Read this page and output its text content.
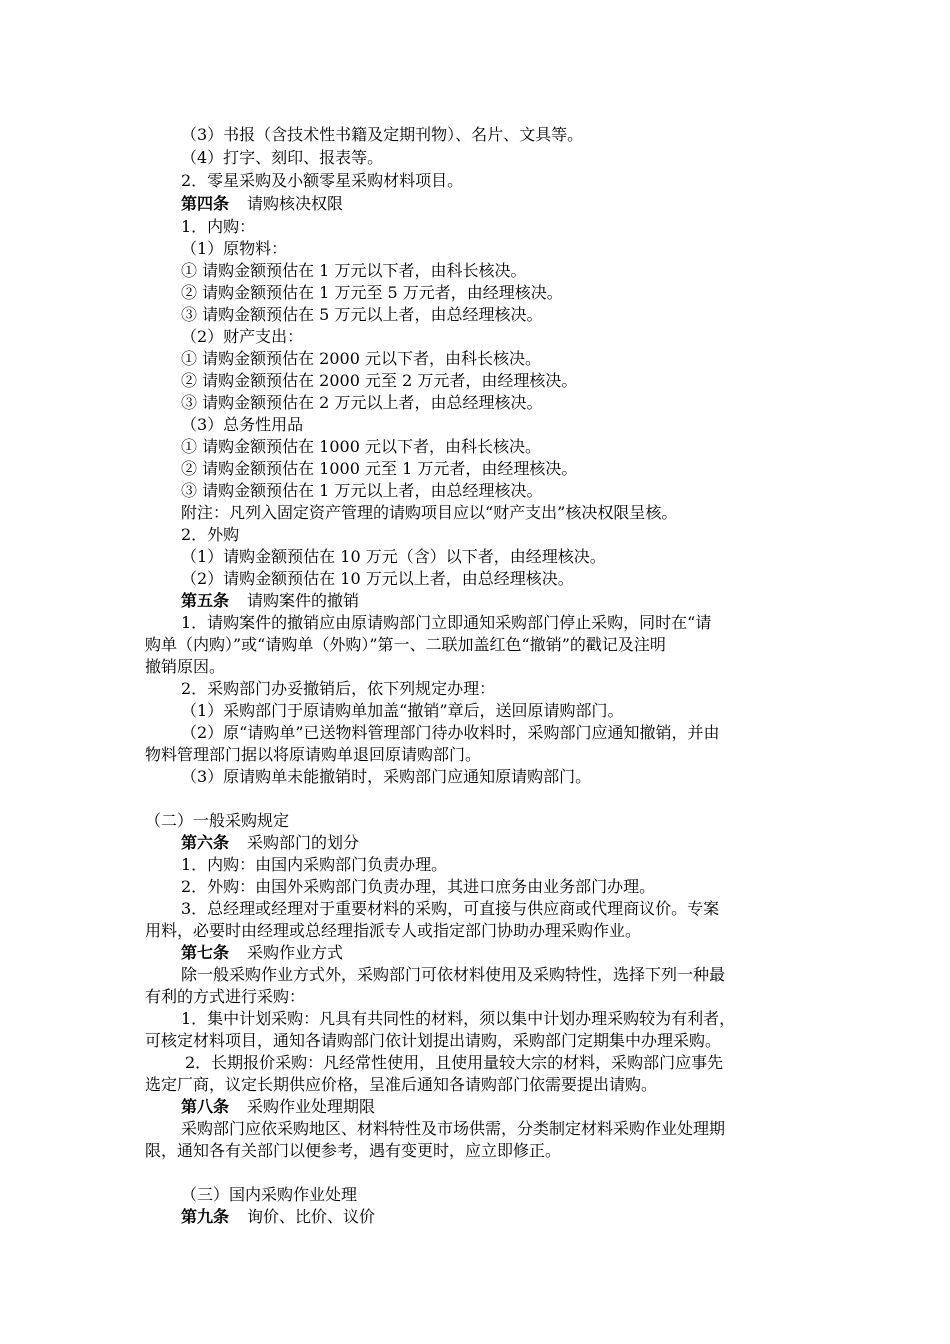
（3）书报（含技术性书籍及定期刊物）、名片、文具等。
（4）打字、刻印、报表等。
2．零星采购及小额零星采购材料项目。
第四条 请购核决权限
1．内购：
（1）原物料：
① 请购金额预估在 1 万元以下者，由科长核决。
② 请购金额预估在 1 万元至 5 万元者，由经理核决。
③ 请购金额预估在 5 万元以上者，由总经理核决。
（2）财产支出：
① 请购金额预估在 2000 元以下者，由科长核决。
② 请购金额预估在 2000 元至 2 万元者，由经理核决。
③ 请购金额预估在 2 万元以上者，由总经理核决。
（3）总务性用品
① 请购金额预估在 1000 元以下者，由科长核决。
② 请购金额预估在 1000 元至 1 万元者，由经理核决。
③ 请购金额预估在 1 万元以上者，由总经理核决。
附注：凡列入固定资产管理的请购项目应以“财产支出”核决权限呈核。
2．外购
（1）请购金额预估在 10 万元（含）以下者，由经理核决。
（2）请购金额预估在 10 万元以上者，由总经理核决。
第五条 请购案件的撤销
1．请购案件的撤销应由原请购部门立即通知采购部门停止采购，同时在“请
购单（内购）”或“请购单（外购）”第一、二联加盖红色“撤销”的戳记及注明
撤销原因。
2．采购部门办妥撤销后，依下列规定办理：
（1）采购部门于原请购单加盖“撤销”章后，送回原请购部门。
（2）原“请购单”已送物料管理部门待办收料时，采购部门应通知撤销，并由
物料管理部门据以将原请购单退回原请购部门。
（3）原请购单未能撤销时，采购部门应通知原请购部门。
（二）一般采购规定
第六条 采购部门的划分
1．内购：由国内采购部门负责办理。
2．外购：由国外采购部门负责办理，其进口庶务由业务部门办理。
3．总经理或经理对于重要材料的采购，可直接与供应商或代理商议价。专案
用料，必要时由经理或总经理指派专人或指定部门协助办理采购作业。
第七条 采购作业方式
除一般采购作业方式外，采购部门可依材料使用及采购特性，选择下列一种最
有利的方式进行采购：
1．集中计划采购：凡具有共同性的材料，须以集中计划办理采购较为有利者，
可核定材料项目，通知各请购部门依计划提出请购，采购部门定期集中办理采购。
2．长期报价采购：凡经常性使用，且使用量较大宗的材料，采购部门应事先
选定厂商，议定长期供应价格，呈准后通知各请购部门依需要提出请购。
第八条 采购作业处理期限
采购部门应依采购地区、材料特性及市场供需，分类制定材料采购作业处理期
限，通知各有关部门以便参考，遇有变更时，应立即修正。
（三）国内采购作业处理
第九条 询价、比价、议价
